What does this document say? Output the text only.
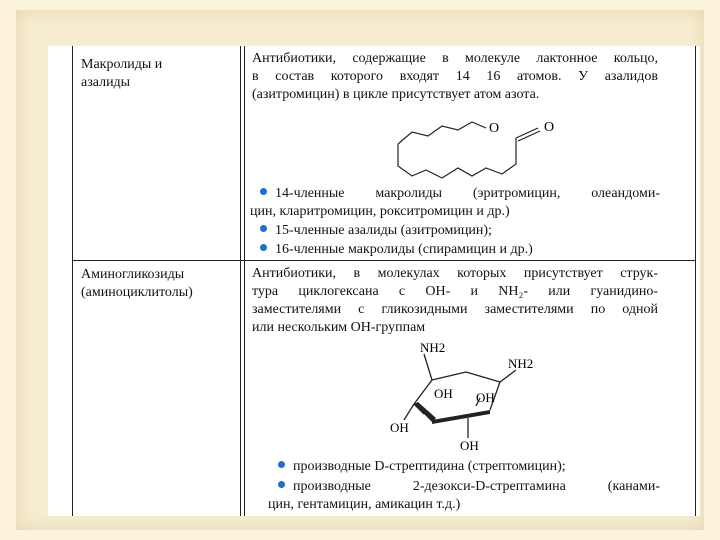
Макролиды и
азалиды
Антибиотики, содержащие в молекуле лактонное кольцо,
в состав которого входят 14 16 атомов. У азалидов
(азитромицин) в цикле присутствует атом азота.
O	O
14-членные макролиды (эритромицин, олеандоми-
цин, кларитромицин, рокситромицин и др.)
15-членные азалиды (азитромицин);
16-членные макролиды (спирамицин и др.)
Аминогликозиды
(аминоциклитолы)
Антибиотики, в молекулах которых присутствует струк-
тура циклогексана с ОН- и NH₂- или гуанидино-
заместителями с гликозидными заместителями по одной
или нескольким ОН-группам
NH2
NH2
OH OH
OH
OH
производные D-стрептидина (стрептомицин);
производные 2-дезокси-D-стрептамина (канами-
цин, гентамицин, амикацин т.д.)
